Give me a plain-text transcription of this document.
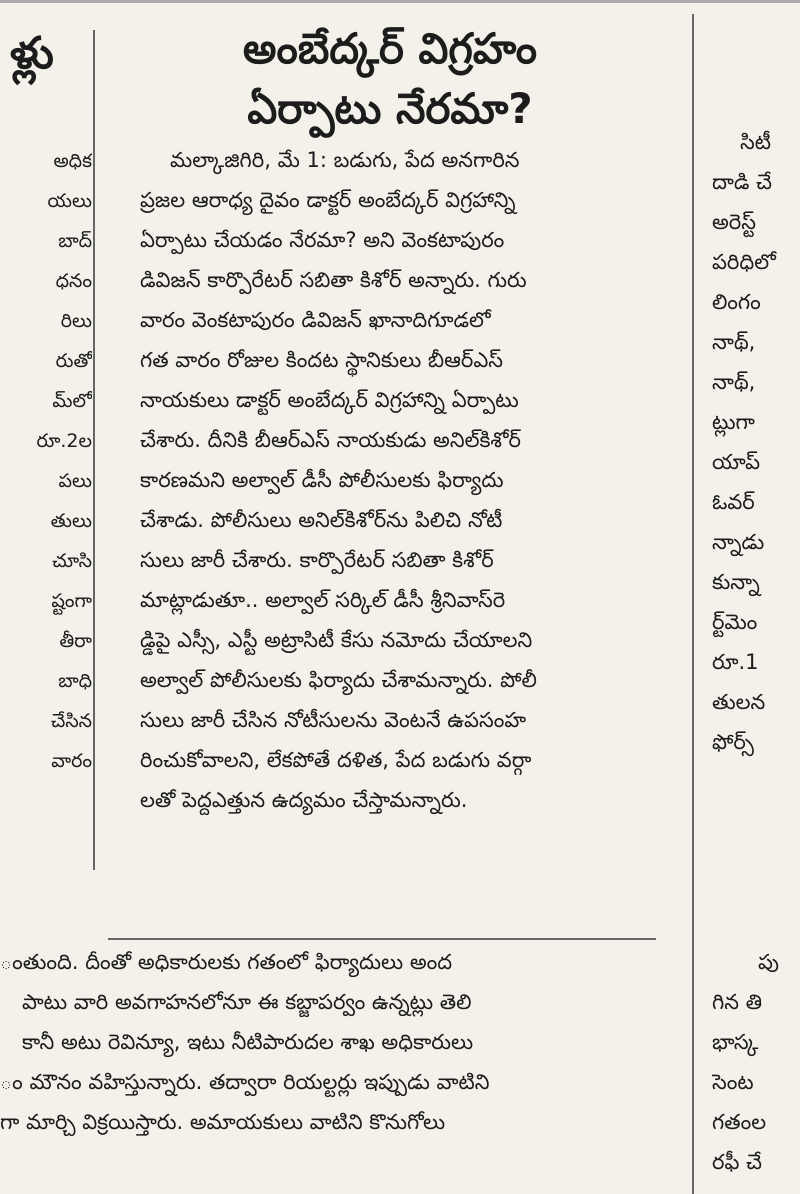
ళ్లు
అధిక
యలు
బాద్
ధనం
రిలు
రుతో
మ్‌లో
రూ.2ల
పలు
తులు
చూసి
ష్టంగా
తీరా
బాధి
చేసిన
వారం
అంబేద్కర్‌ విగ్రహం
ఏర్పాటు నేరమా?
మల్కాజిగిరి, మే 1: బడుగు, పేద అనగారిన
ప్రజల ఆరాధ్య దైవం డాక్టర్‌ అంబేద్కర్‌ విగ్రహాన్ని
ఏర్పాటు చేయడం నేరమా? అని వెంకటాపురం
డివిజన్‌ కార్పొరేటర్‌ సబితా కిశోర్‌ అన్నారు. గురు
వారం వెంకటాపురం డివిజన్‌ ఖానాదిగూడలో
గత వారం రోజుల కిందట స్థానికులు బీఆర్‌ఎస్‌
నాయకులు డాక్టర్‌ అంబేద్కర్‌ విగ్రహాన్ని ఏర్పాటు
చేశారు. దీనికి బీఆర్‌ఎస్‌ నాయకుడు అనిల్‌కిశోర్‌
కారణమని అల్వాల్‌ డీసీ పోలీసులకు ఫిర్యాదు
చేశాడు. పోలీసులు అనిల్‌కిశోర్‌ను పిలిచి నోటీ
సులు జారీ చేశారు. కార్పొరేటర్‌ సబితా కిశోర్‌
మాట్లాడుతూ.. అల్వాల్‌ సర్కిల్‌ డీసీ శ్రీనివాస్‌రె
డ్డిపై ఎస్సీ, ఎస్టీ అట్రాసిటీ కేసు నమోదు చేయాలని
అల్వాల్‌ పోలీసులకు ఫిర్యాదు చేశామన్నారు. పోలీ
సులు జారీ చేసిన నోటీసులను వెంటనే ఉపసంహ
రించుకోవాలని, లేకపోతే దళిత, పేద బడుగు వర్గా
లతో పెద్దఎత్తున ఉద్యమం చేస్తామన్నారు.
ంతుంది. దీంతో అధికారులకు గతంలో ఫిర్యాదులు అంద
పాటు వారి అవగాహనలోనూ ఈ కబ్జాపర్వం ఉన్నట్లు తెలి
కానీ అటు రెవిన్యూ, ఇటు నీటిపారుదల శాఖ అధికారులు
ం మౌనం వహిస్తున్నారు. తద్వారా రియల్టర్లు ఇప్పుడు వాటిని
గా మార్చి విక్రయిస్తారు. అమాయకులు వాటిని కొనుగోలు
సిటీ
దాడి చే
అరెస్ట్‌
పరిధిలో
లింగం
నాథ్‌,
నాథ్‌,
ట్లుగా
యాప్‌
ఓవర్‌
న్నాడు
కున్నా
ర్ట్‌మెం
రూ.1
తులన
ఫోర్స్‌
పు
గిన తి
భాస్క
సెంట
గతంల
రఫీ చే
